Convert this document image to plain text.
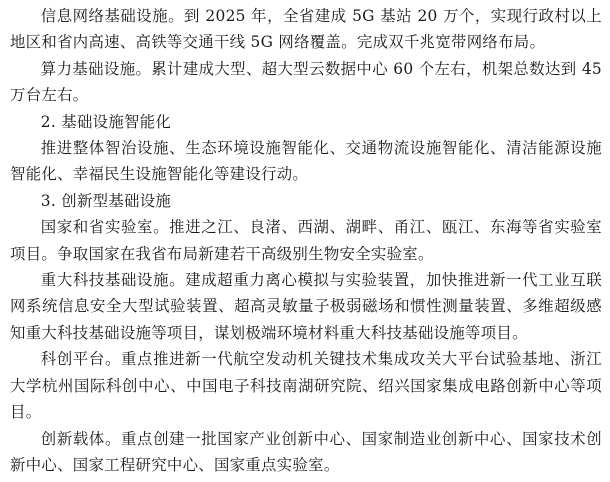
信息网络基础设施。到 2025 年，全省建成 5G 基站 20 万个，实现行政村以上地区和省内高速、高铁等交通干线 5G 网络覆盖。完成双千兆宽带网络布局。

算力基础设施。累计建成大型、超大型云数据中心 60 个左右，机架总数达到 45 万台左右。

2. 基础设施智能化

推进整体智治设施、生态环境设施智能化、交通物流设施智能化、清洁能源设施智能化、幸福民生设施智能化等建设行动。

3. 创新型基础设施

国家和省实验室。推进之江、良渚、西湖、湖畔、甬江、瓯江、东海等省实验室项目。争取国家在我省布局新建若干高级别生物安全实验室。

重大科技基础设施。建成超重力离心模拟与实验装置，加快推进新一代工业互联网系统信息安全大型试验装置、超高灵敏量子极弱磁场和惯性测量装置、多维超级感知重大科技基础设施等项目，谋划极端环境材料重大科技基础设施等项目。

科创平台。重点推进新一代航空发动机关键技术集成攻关大平台试验基地、浙江大学杭州国际科创中心、中国电子科技南湖研究院、绍兴国家集成电路创新中心等项目。

创新载体。重点创建一批国家产业创新中心、国家制造业创新中心、国家技术创新中心、国家工程研究中心、国家重点实验室。
